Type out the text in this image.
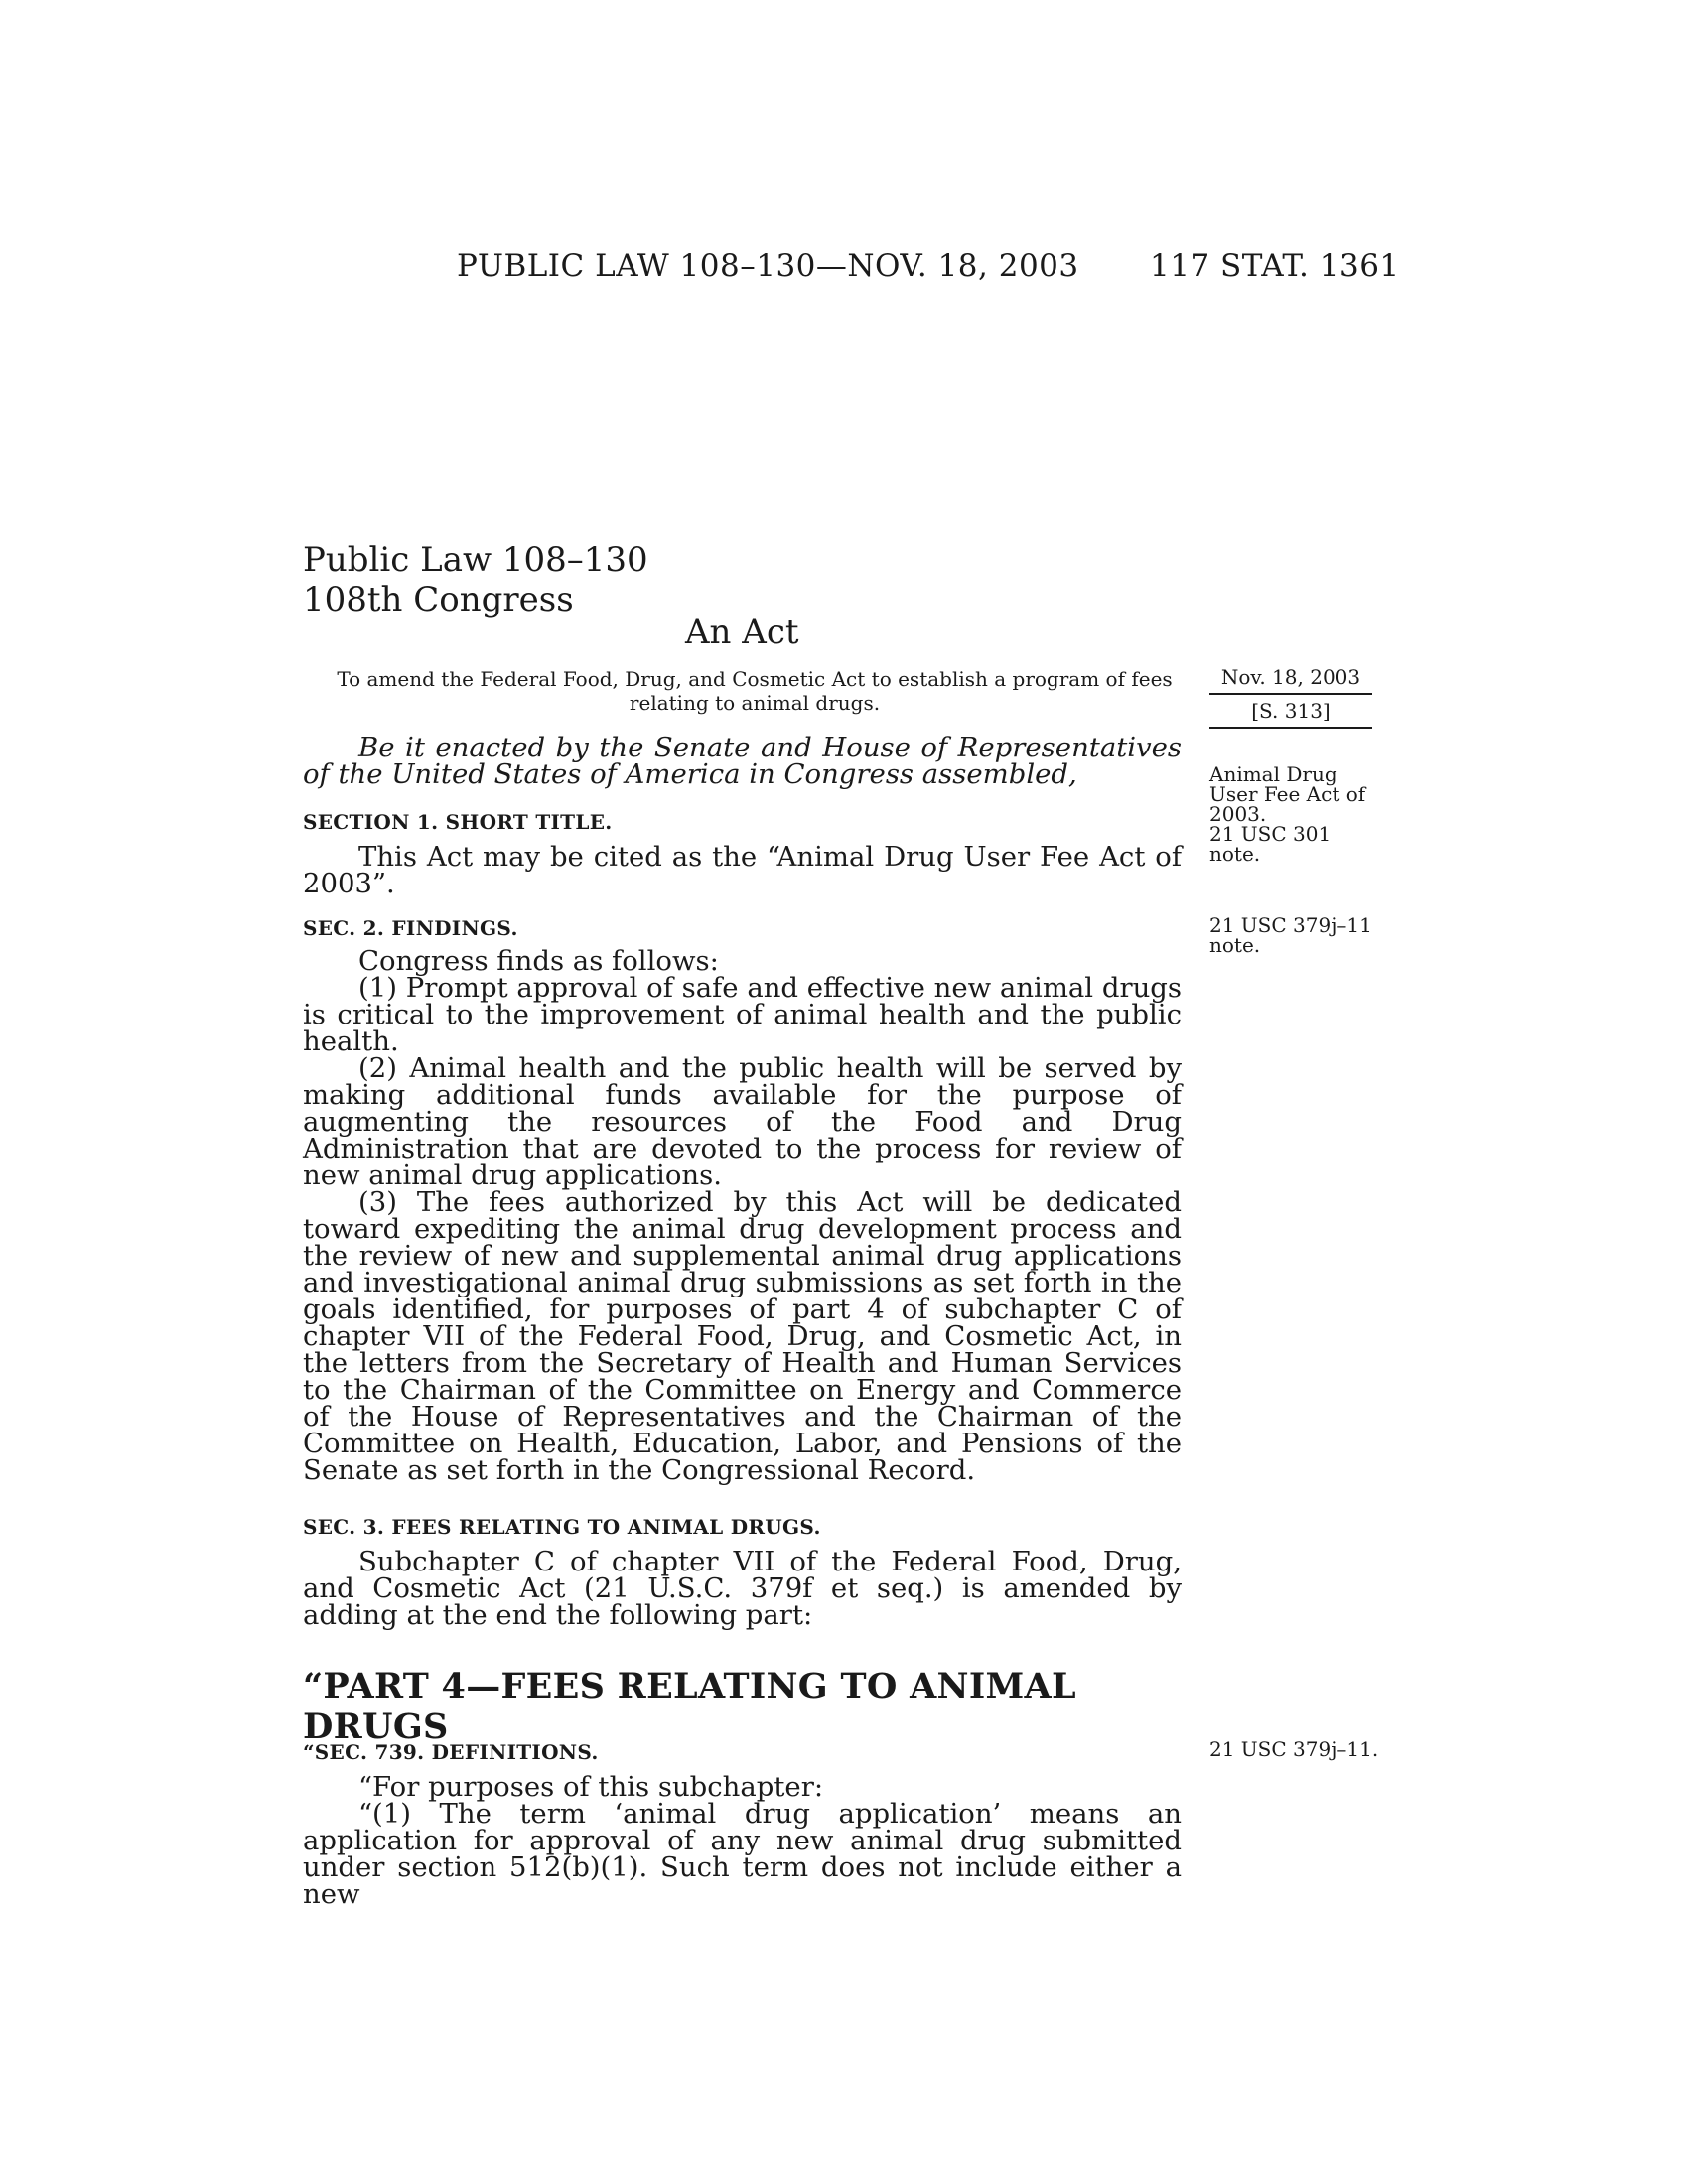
PUBLIC LAW 108–130—NOV. 18, 2003 117 STAT. 1361
Public Law 108–130
108th Congress
An Act
To amend the Federal Food, Drug, and Cosmetic Act to establish a program of fees relating to animal drugs.
Nov. 18, 2003
[S. 313]
Be it enacted by the Senate and House of Representatives of the United States of America in Congress assembled,
SECTION 1. SHORT TITLE.

This Act may be cited as the “Animal Drug User Fee Act of 2003”.

SEC. 2. FINDINGS.

Congress finds as follows:

(1) Prompt approval of safe and effective new animal drugs is critical to the improvement of animal health and the public health.

(2) Animal health and the public health will be served by making additional funds available for the purpose of augmenting the resources of the Food and Drug Administration that are devoted to the process for review of new animal drug applications.

(3) The fees authorized by this Act will be dedicated toward expediting the animal drug development process and the review of new and supplemental animal drug applications and investigational animal drug submissions as set forth in the goals identified, for purposes of part 4 of subchapter C of chapter VII of the Federal Food, Drug, and Cosmetic Act, in the letters from the Secretary of Health and Human Services to the Chairman of the Committee on Energy and Commerce of the House of Representatives and the Chairman of the Committee on Health, Education, Labor, and Pensions of the Senate as set forth in the Congressional Record.

SEC. 3. FEES RELATING TO ANIMAL DRUGS.

Subchapter C of chapter VII of the Federal Food, Drug, and Cosmetic Act (21 U.S.C. 379f et seq.) is amended by adding at the end the following part:

“PART 4—FEES RELATING TO ANIMAL DRUGS
“SEC. 739. DEFINITIONS.

“For purposes of this subchapter:

“(1) The term ‘animal drug application’ means an application for approval of any new animal drug submitted under section 512(b)(1). Such term does not include either a new

Animal Drug
User Fee Act of
2003.
21 USC 301 note.
21 USC 379j–11
note.
21 USC 379j–11.
